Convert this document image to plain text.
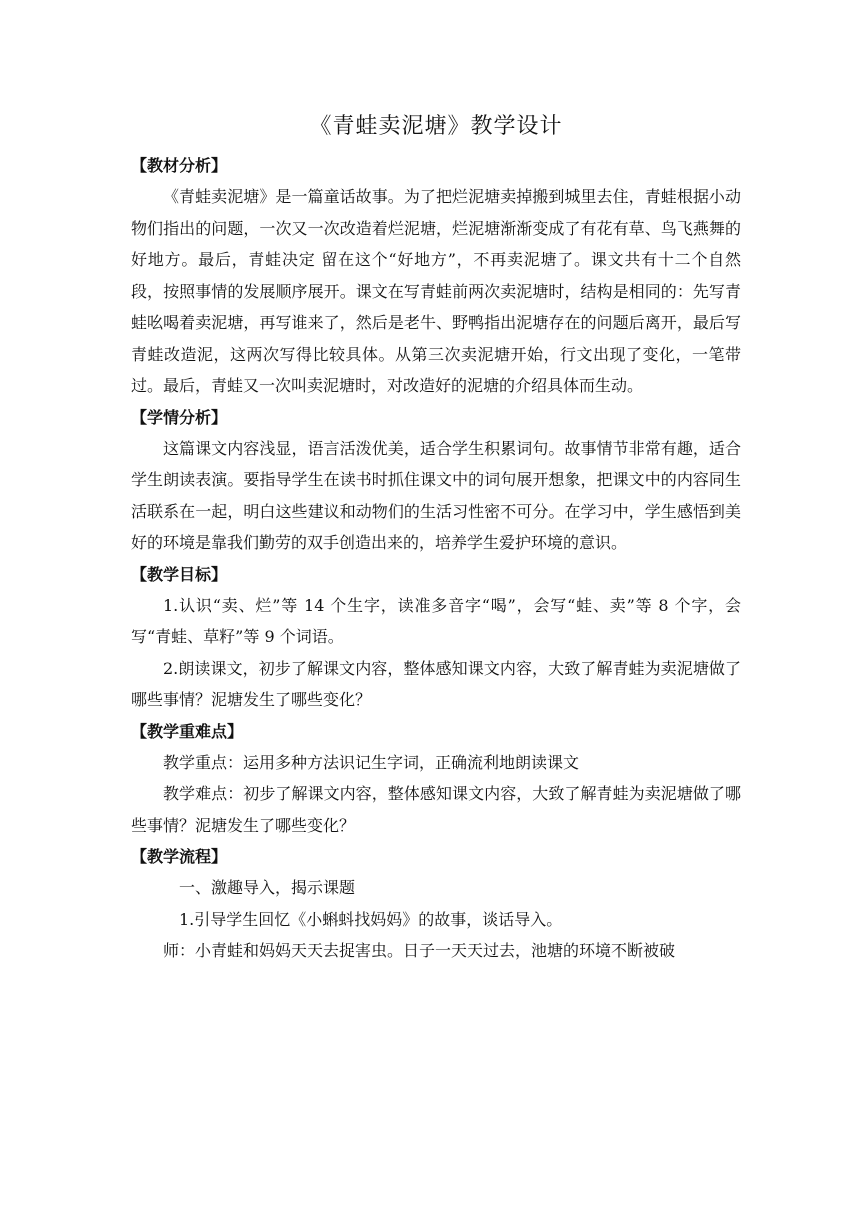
《青蛙卖泥塘》教学设计

【教材分析】

《青蛙卖泥塘》是一篇童话故事。为了把烂泥塘卖掉搬到城里去住，青蛙根据小动物们指出的问题，一次又一次改造着烂泥塘，烂泥塘渐渐变成了有花有草、鸟飞燕舞的好地方。最后，青蛙决定 留在这个“好地方”，不再卖泥塘了。课文共有十二个自然段，按照事情的发展顺序展开。课文在写青蛙前两次卖泥塘时，结构是相同的：先写青蛙吆喝着卖泥塘，再写谁来了，然后是老牛、野鸭指出泥塘存在的问题后离开，最后写青蛙改造泥，这两次写得比较具体。从第三次卖泥塘开始，行文出现了变化，一笔带过。最后，青蛙又一次叫卖泥塘时，对改造好的泥塘的介绍具体而生动。

【学情分析】

这篇课文内容浅显，语言活泼优美，适合学生积累词句。故事情节非常有趣，适合学生朗读表演。要指导学生在读书时抓住课文中的词句展开想象，把课文中的内容同生活联系在一起，明白这些建议和动物们的生活习性密不可分。在学习中，学生感悟到美好的环境是靠我们勤劳的双手创造出来的，培养学生爱护环境的意识。

【教学目标】

1.认识“卖、烂”等 14 个生字，读准多音字“喝”，会写“蛙、卖”等 8 个字，会写“青蛙、草籽”等 9 个词语。

2.朗读课文，初步了解课文内容，整体感知课文内容，大致了解青蛙为卖泥塘做了哪些事情？泥塘发生了哪些变化？

【教学重难点】

教学重点：运用多种方法识记生字词，正确流利地朗读课文

教学难点：初步了解课文内容，整体感知课文内容，大致了解青蛙为卖泥塘做了哪些事情？泥塘发生了哪些变化？

【教学流程】

一、激趣导入，揭示课题

1.引导学生回忆《小蝌蚪找妈妈》的故事，谈话导入。

师：小青蛙和妈妈天天去捉害虫。日子一天天过去，池塘的环境不断被破
